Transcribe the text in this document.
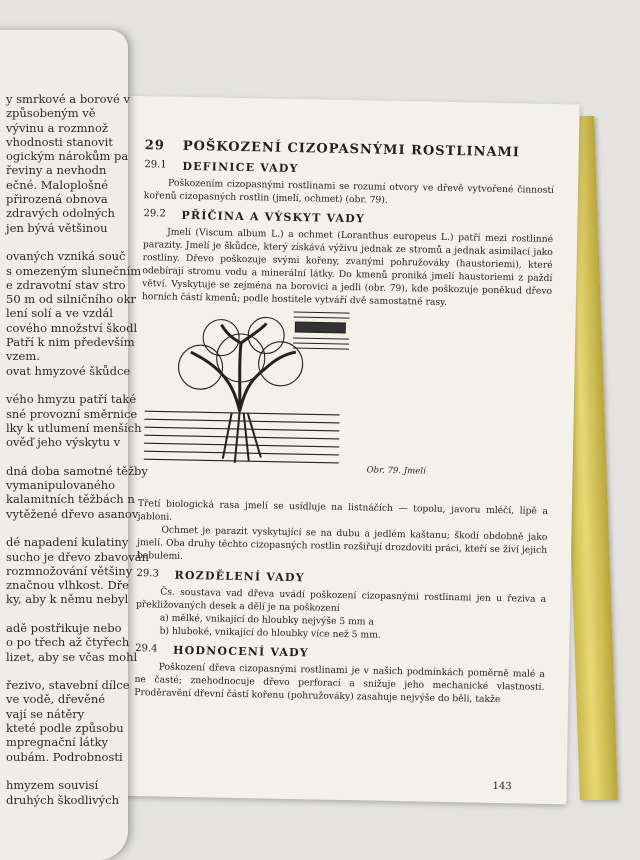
29	POŠKOZENÍ CIZOPASNÝMI ROSTLINAMI
29.1	DEFINICE VADY
Poškozením cizopasnými rostlinami se rozumí otvory ve dřevě vytvořené činností kořenů cizopasných rostlin (jmelí, ochmet) (obr. 79).
29.2	PŘÍČINA A VÝSKYT VADY
Jmelí (Viscum album L.) a ochmet (Loranthus europeus L.) patří mezi rostlinné parazity. Jmelí je škůdce, který získává výživu jednak ze stromů a jednak asimilací jako rostliny. Dřevo poškozuje svými kořeny, zvanými pohružováky (haustoriemi), které odebírají stromu vodu a minerální látky. Do kmenů proniká jmelí haustoriemi z paždí větví. Vyskytuje se zejména na borovici a jedli (obr. 79), kde poškozuje poněkud dřevo horních částí kmenů; podle hostitele vytváří dvě samostatné rasy.
Obr. 79. Jmelí
Třetí biologická rasa jmelí se usídluje na listnáčích — topolu, javoru mléčí, lípě a jabloni.
Ochmet je parazit vyskytující se na dubu a jedlém kaštanu; škodí obdobně jako jmelí. Oba druhy těchto cizopasných rostlin rozšiřují drozdoviti práci, kteří se živí jejich bobulemi.
29.3	ROZDĚLENÍ VADY
Čs. soustava vad dřeva uvádí poškození cizopasnými rostlinami jen u řeziva a překližovaných desek a dělí je na poškození
a) mělké, vnikající do hloubky nejvýše 5 mm a
b) hluboké, vnikající do hloubky více než 5 mm.
29.4	HODNOCENÍ VADY
Poškození dřeva cizopasnými rostlinami je v našich podmínkách poměrně malé a ne časté; znehodnocuje dřevo perforací a snižuje jeho mechanické vlastnosti. Proděravění dřevní částí kořenu (pohružováky) zasahuje nejvýše do běli, takže
143
y smrkové a borové v
způsobeným vě
vývinu a rozmnož
vhodnosti stanovit
ogickým nárokům pa
řeviny a nevhodn
ečné. Maloplošné
přirozená obnova
zdravých odolných
jen bývá většinou
ovaných vzniká souč
s omezeným slunečním
e zdravotní stav stro
50 m od silničního okr
lení solí a ve vzdál
cového množství škodl
Patří k nim především
vzem.
ovat hmyzové škůdce
vého hmyzu patří také
sné provozní směrnice
lky k utlumení menších
ověď jeho výskytu v
dná doba samotné těžby
vymanipulovaného
kalamitních těžbách n
vytěžené dřevo asanov
dé napadení kulatiny
sucho je dřevo zbavován
rozmnožování většiny
značnou vlhkost. Dře
ky, aby k němu nebyl
adě postřikuje nebo
o po třech až čtyřech
lizet, aby se včas mohl
řezivo, stavební dílce
ve vodě, dřevěné
vají se nátěry
kteté podle způsobu
mpregnační látky
oubám. Podrobnosti
hmyzem souvisí
druhých škodlivých
